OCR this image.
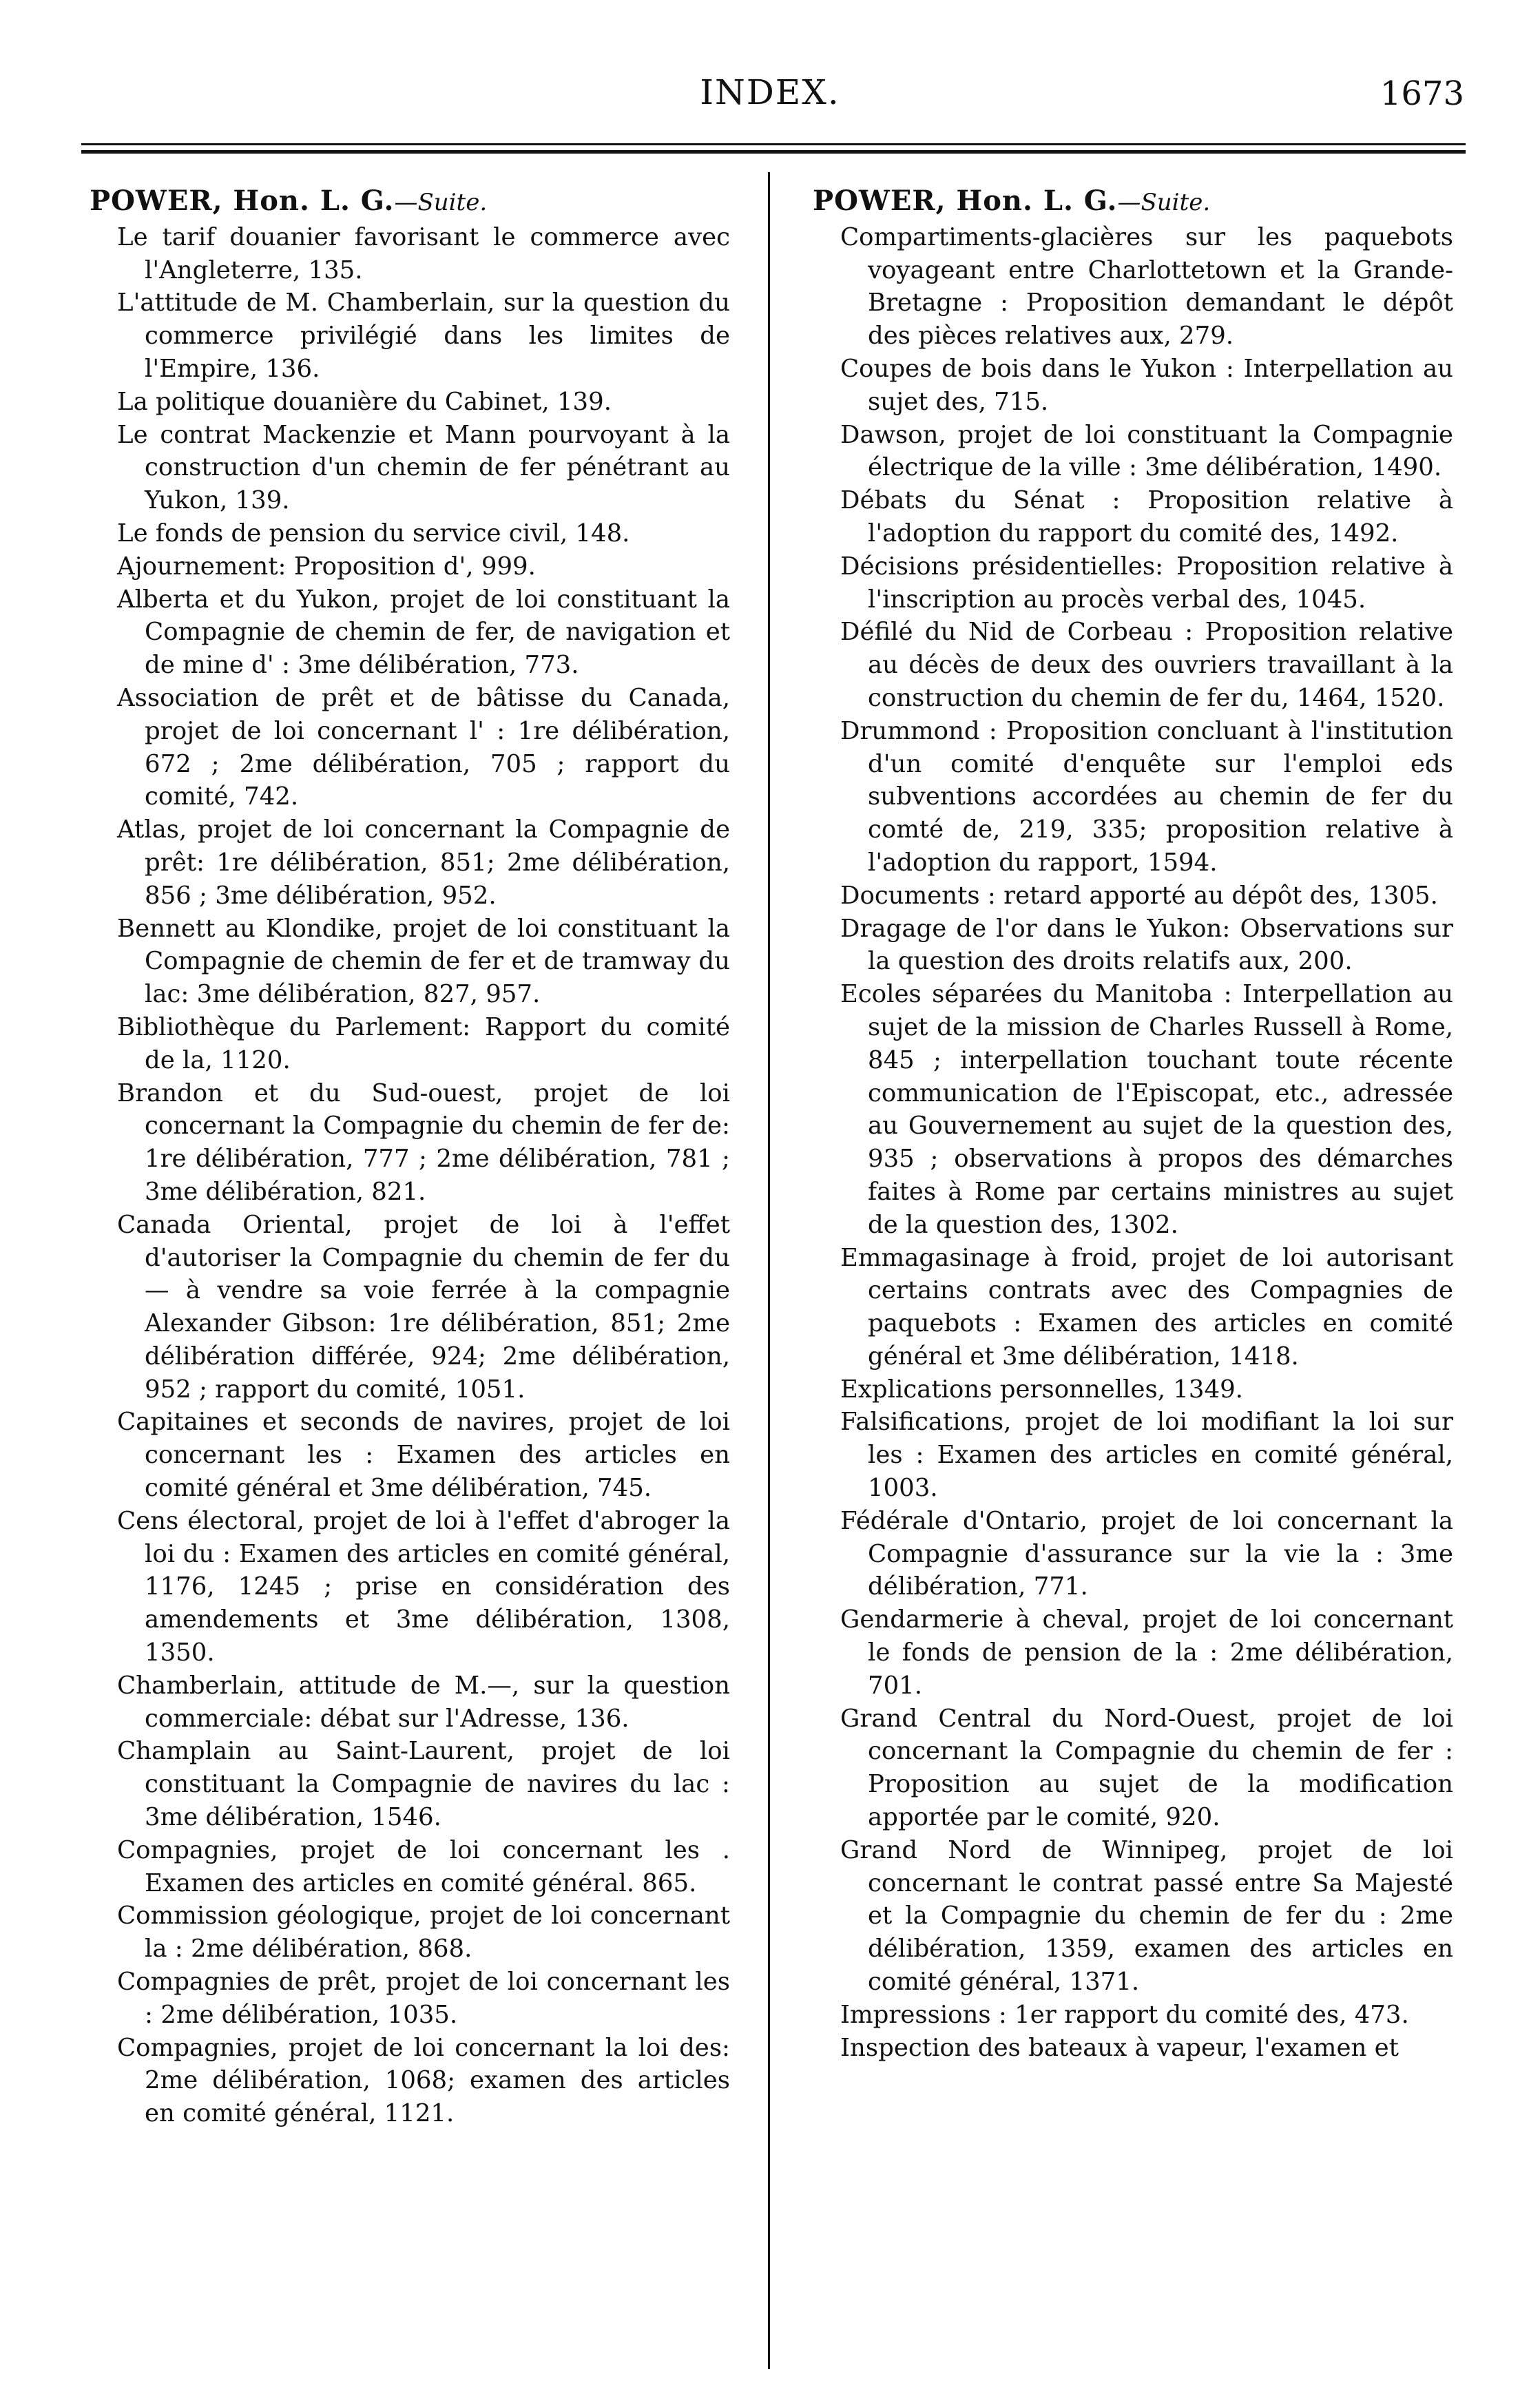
INDEX.	1673
POWER, Hon. L. G.—Suite.

Le tarif douanier favorisant le commerce avec l'Angleterre, 135.

L'attitude de M. Chamberlain, sur la question du commerce privilégié dans les limites de l'Empire, 136.

La politique douanière du Cabinet, 139.

Le contrat Mackenzie et Mann pourvoyant à la construction d'un chemin de fer pénétrant au Yukon, 139.

Le fonds de pension du service civil, 148.

Ajournement: Proposition d', 999.

Alberta et du Yukon, projet de loi constituant la Compagnie de chemin de fer, de navigation et de mine d' : 3me délibération, 773.

Association de prêt et de bâtisse du Canada, projet de loi concernant l' : 1re délibération, 672 ; 2me délibération, 705 ; rapport du comité, 742.

Atlas, projet de loi concernant la Compagnie de prêt: 1re délibération, 851; 2me délibération, 856 ; 3me délibération, 952.

Bennett au Klondike, projet de loi constituant la Compagnie de chemin de fer et de tramway du lac: 3me délibération, 827, 957.

Bibliothèque du Parlement: Rapport du comité de la, 1120.

Brandon et du Sud-ouest, projet de loi concernant la Compagnie du chemin de fer de: 1re délibération, 777 ; 2me délibération, 781 ; 3me délibération, 821.

Canada Oriental, projet de loi à l'effet d'autoriser la Compagnie du chemin de fer du— à vendre sa voie ferrée à la compagnie Alexander Gibson: 1re délibération, 851; 2me délibération différée, 924; 2me délibération, 952 ; rapport du comité, 1051.

Capitaines et seconds de navires, projet de loi concernant les : Examen des articles en comité général et 3me délibération, 745.

Cens électoral, projet de loi à l'effet d'abroger la loi du : Examen des articles en comité général, 1176, 1245 ; prise en considération des amendements et 3me délibération, 1308, 1350.

Chamberlain, attitude de M.—, sur la question commerciale: débat sur l'Adresse, 136.

Champlain au Saint-Laurent, projet de loi constituant la Compagnie de navires du lac : 3me délibération, 1546.

Compagnies, projet de loi concernant les . Examen des articles en comité général. 865.

Commission géologique, projet de loi concernant la : 2me délibération, 868.

Compagnies de prêt, projet de loi concernant les : 2me délibération, 1035.

Compagnies, projet de loi concernant la loi des: 2me délibération, 1068; examen des articles en comité général, 1121.

POWER, Hon. L. G.—Suite.

Compartiments-glacières sur les paquebots voyageant entre Charlottetown et la Grande-Bretagne : Proposition demandant le dépôt des pièces relatives aux, 279.

Coupes de bois dans le Yukon : Interpellation au sujet des, 715.

Dawson, projet de loi constituant la Compagnie électrique de la ville : 3me délibération, 1490.

Débats du Sénat : Proposition relative à l'adoption du rapport du comité des, 1492.

Décisions présidentielles: Proposition relative à l'inscription au procès verbal des, 1045.

Défilé du Nid de Corbeau : Proposition relative au décès de deux des ouvriers travaillant à la construction du chemin de fer du, 1464, 1520.

Drummond : Proposition concluant à l'institution d'un comité d'enquête sur l'emploi eds subventions accordées au chemin de fer du comté de, 219, 335; proposition relative à l'adoption du rapport, 1594.

Documents : retard apporté au dépôt des, 1305.

Dragage de l'or dans le Yukon: Observations sur la question des droits relatifs aux, 200.

Ecoles séparées du Manitoba : Interpellation au sujet de la mission de Charles Russell à Rome, 845 ; interpellation touchant toute récente communication de l'Episcopat, etc., adressée au Gouvernement au sujet de la question des, 935 ; observations à propos des démarches faites à Rome par certains ministres au sujet de la question des, 1302.

Emmagasinage à froid, projet de loi autorisant certains contrats avec des Compagnies de paquebots : Examen des articles en comité général et 3me délibération, 1418.

Explications personnelles, 1349.

Falsifications, projet de loi modifiant la loi sur les : Examen des articles en comité général, 1003.

Fédérale d'Ontario, projet de loi concernant la Compagnie d'assurance sur la vie la : 3me délibération, 771.

Gendarmerie à cheval, projet de loi concernant le fonds de pension de la : 2me délibération, 701.

Grand Central du Nord-Ouest, projet de loi concernant la Compagnie du chemin de fer : Proposition au sujet de la modification apportée par le comité, 920.

Grand Nord de Winnipeg, projet de loi concernant le contrat passé entre Sa Majesté et la Compagnie du chemin de fer du : 2me délibération, 1359, examen des articles en comité général, 1371.

Impressions : 1er rapport du comité des, 473.

Inspection des bateaux à vapeur, l'examen et
